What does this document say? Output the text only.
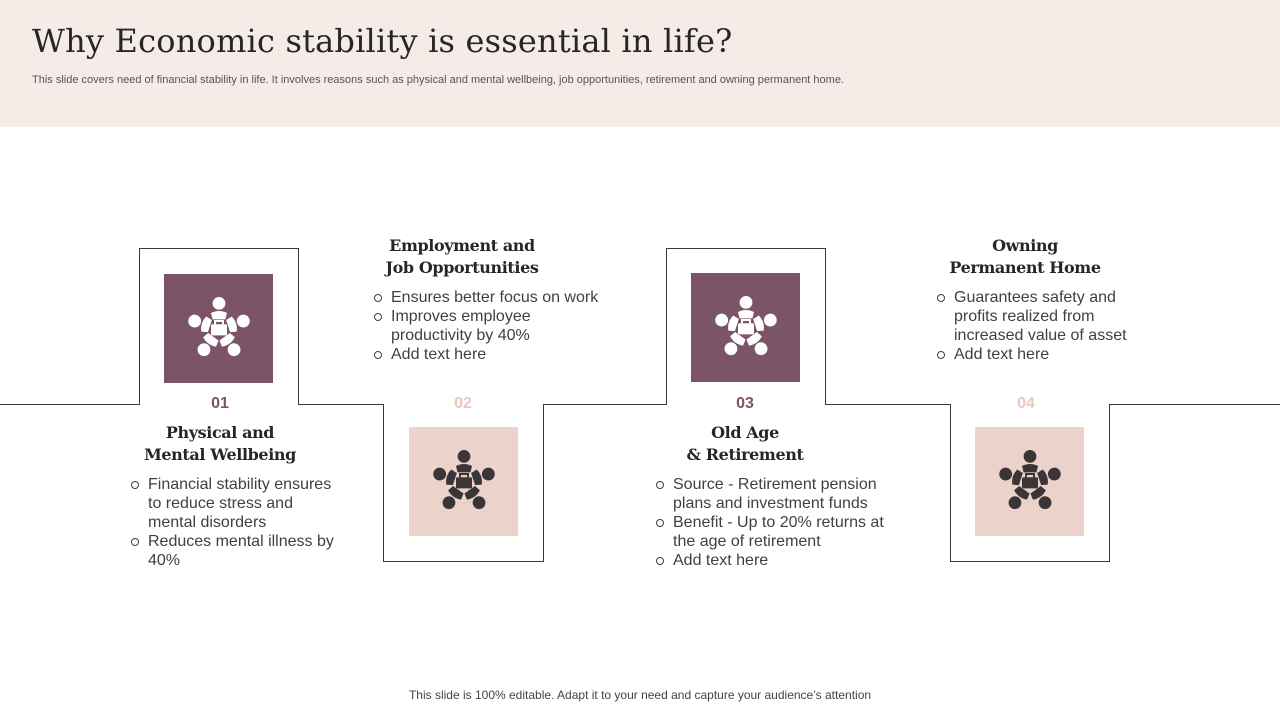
Why Economic stability is essential in life?

This slide covers need of financial stability in life. It involves reasons such as physical and mental wellbeing, job opportunities, retirement and owning permanent home.

01
Physical and
Mental Wellbeing
Financial stability ensures to reduce stress and mental disorders
Reduces mental illness by 40%
Employment and
Job Opportunities
Ensures better focus on work
Improves employee productivity by 40%
Add text here
02	03
Old Age
& Retirement
Source - Retirement pension plans and investment funds
Benefit - Up to 20% returns at the age of retirement
Add text here
Owning
Permanent Home
Guarantees safety and profits realized from increased value of asset
Add text here
04
This slide is 100% editable. Adapt it to your need and capture your audience’s attention
